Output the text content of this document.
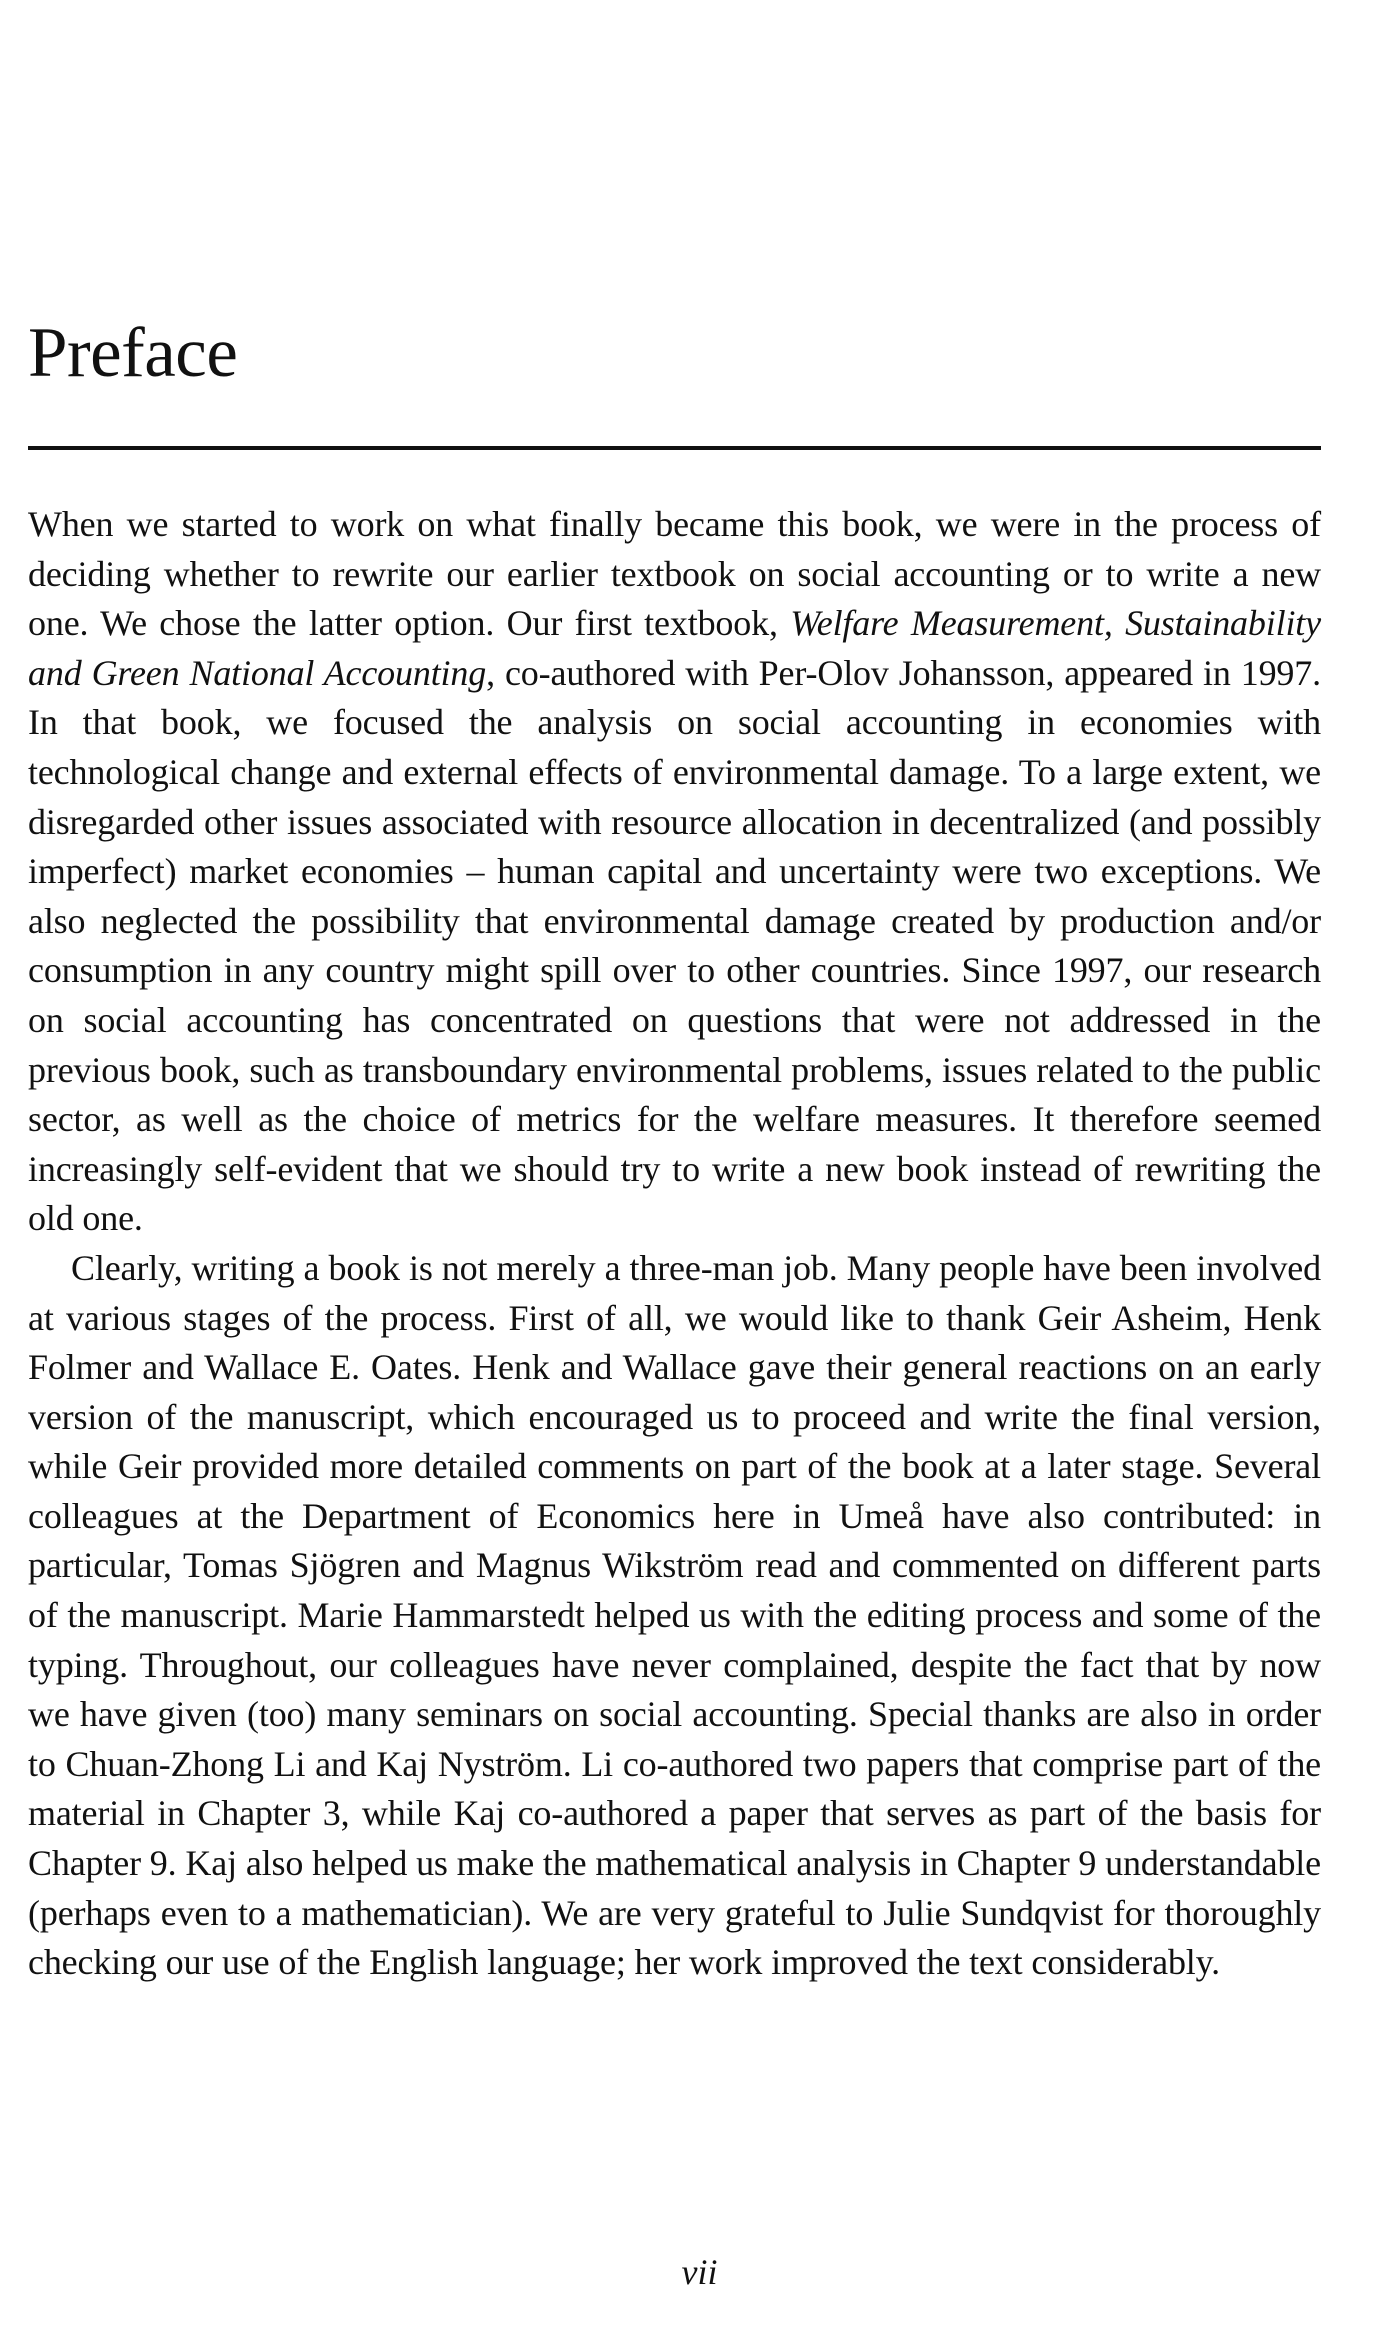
Preface

When we started to work on what finally became this book, we were in the process of deciding whether to rewrite our earlier textbook on social accounting or to write a new one. We chose the latter option. Our first textbook, Welfare Measurement, Sustainability and Green National Accounting, co-authored with Per-Olov Johansson, appeared in 1997. In that book, we focused the analysis on social accounting in economies with technological change and external effects of environmental damage. To a large extent, we disregarded other issues associated with resource allocation in decentralized (and possibly imperfect) market economies – human capital and uncertainty were two exceptions. We also neglected the possibility that environmental damage created by production and/or consumption in any country might spill over to other countries. Since 1997, our research on social accounting has concentrated on questions that were not addressed in the previous book, such as transboundary environmental problems, issues related to the public sector, as well as the choice of metrics for the welfare measures. It therefore seemed increasingly self-evident that we should try to write a new book instead of rewriting the old one.

Clearly, writing a book is not merely a three-man job. Many people have been involved at various stages of the process. First of all, we would like to thank Geir Asheim, Henk Folmer and Wallace E. Oates. Henk and Wallace gave their general reactions on an early version of the manuscript, which encouraged us to proceed and write the final version, while Geir provided more detailed comments on part of the book at a later stage. Several colleagues at the Department of Economics here in Umeå have also contributed: in particular, Tomas Sjögren and Magnus Wikström read and commented on different parts of the manuscript. Marie Hammarstedt helped us with the editing process and some of the typing. Throughout, our colleagues have never complained, despite the fact that by now we have given (too) many seminars on social accounting. Special thanks are also in order to Chuan-Zhong Li and Kaj Nyström. Li co-authored two papers that comprise part of the material in Chapter 3, while Kaj co-authored a paper that serves as part of the basis for Chapter 9. Kaj also helped us make the mathematical analysis in Chapter 9 understandable (perhaps even to a mathematician). We are very grateful to Julie Sundqvist for thoroughly checking our use of the English language; her work improved the text considerably.

vii
